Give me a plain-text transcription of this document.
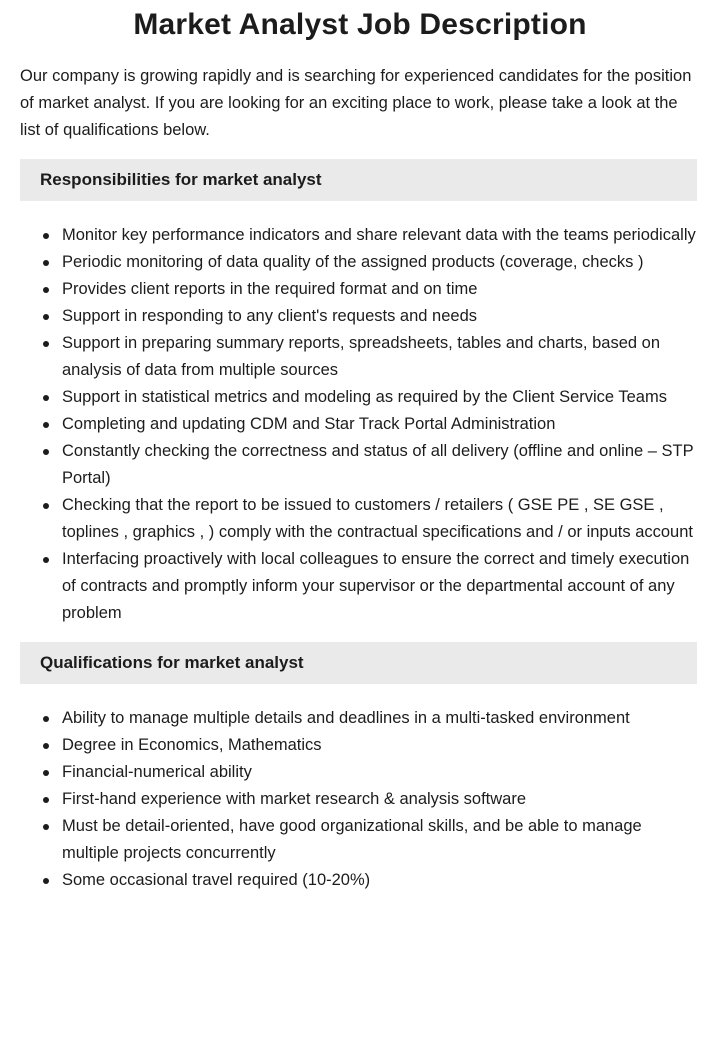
Market Analyst Job Description

Our company is growing rapidly and is searching for experienced candidates for the position of market analyst. If you are looking for an exciting place to work, please take a look at the list of qualifications below.

Responsibilities for market analyst
Monitor key performance indicators and share relevant data with the teams periodically
Periodic monitoring of data quality of the assigned products (coverage, checks )
Provides client reports in the required format and on time
Support in responding to any client's requests and needs
Support in preparing summary reports, spreadsheets, tables and charts, based on analysis of data from multiple sources
Support in statistical metrics and modeling as required by the Client Service Teams
Completing and updating CDM and Star Track Portal Administration
Constantly checking the correctness and status of all delivery (offline and online – STP Portal)
Checking that the report to be issued to customers / retailers ( GSE PE , SE GSE , toplines , graphics , ) comply with the contractual specifications and / or inputs account
Interfacing proactively with local colleagues to ensure the correct and timely execution of contracts and promptly inform your supervisor or the departmental account of any problem
Qualifications for market analyst
Ability to manage multiple details and deadlines in a multi-tasked environment
Degree in Economics, Mathematics
Financial-numerical ability
First-hand experience with market research & analysis software
Must be detail-oriented, have good organizational skills, and be able to manage multiple projects concurrently
Some occasional travel required (10-20%)
